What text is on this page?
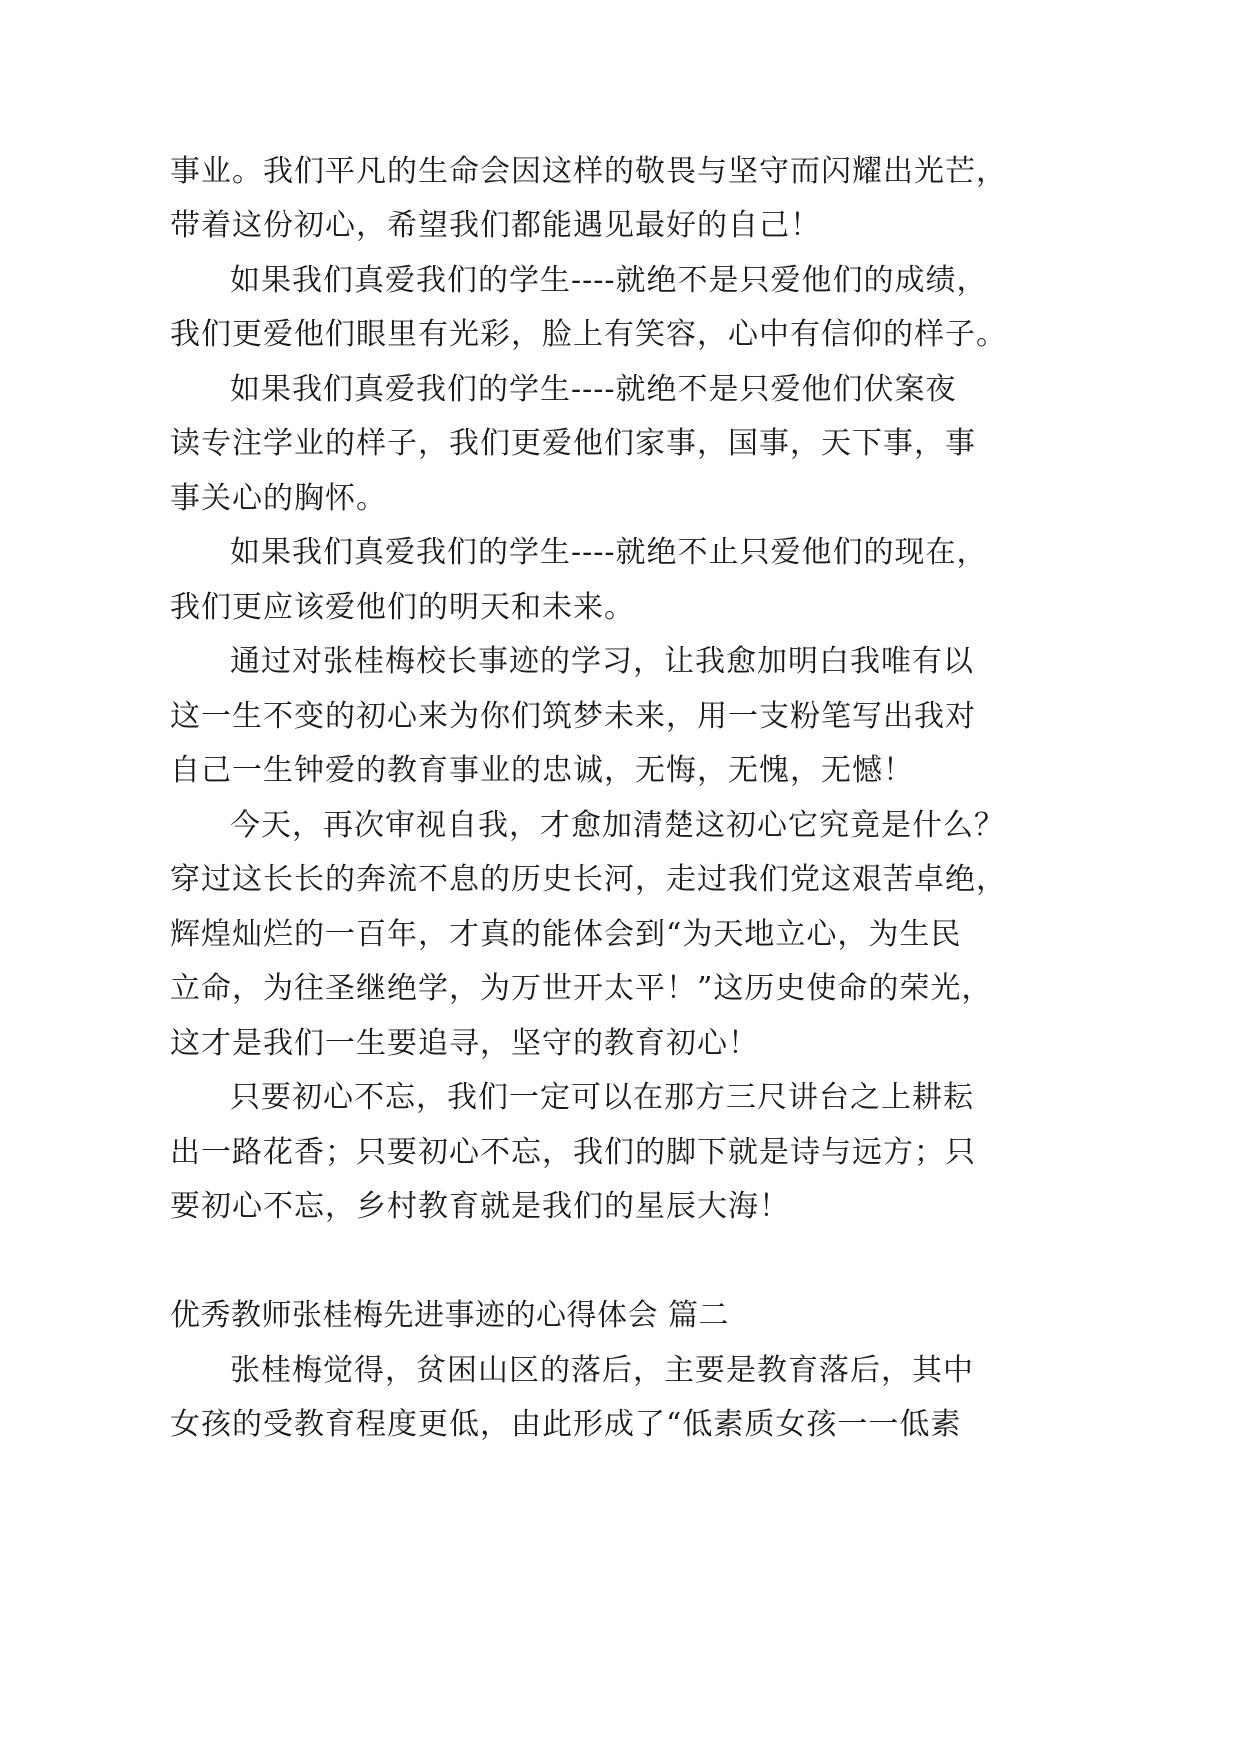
事业。我们平凡的生命会因这样的敬畏与坚守而闪耀出光芒，
带着这份初心，希望我们都能遇见最好的自己！
如果我们真爱我们的学生----就绝不是只爱他们的成绩，
我们更爱他们眼里有光彩，脸上有笑容，心中有信仰的样子。
如果我们真爱我们的学生----就绝不是只爱他们伏案夜
读专注学业的样子，我们更爱他们家事，国事，天下事，事
事关心的胸怀。
如果我们真爱我们的学生----就绝不止只爱他们的现在，
我们更应该爱他们的明天和未来。
通过对张桂梅校长事迹的学习，让我愈加明白我唯有以
这一生不变的初心来为你们筑梦未来，用一支粉笔写出我对
自己一生钟爱的教育事业的忠诚，无悔，无愧，无憾！
今天，再次审视自我，才愈加清楚这初心它究竟是什么？
穿过这长长的奔流不息的历史长河，走过我们党这艰苦卓绝，
辉煌灿烂的一百年，才真的能体会到“为天地立心，为生民
立命，为往圣继绝学，为万世开太平！”这历史使命的荣光，
这才是我们一生要追寻，坚守的教育初心！
只要初心不忘，我们一定可以在那方三尺讲台之上耕耘
出一路花香；只要初心不忘，我们的脚下就是诗与远方；只
要初心不忘，乡村教育就是我们的星辰大海！
优秀教师张桂梅先进事迹的心得体会 篇二
张桂梅觉得，贫困山区的落后，主要是教育落后，其中
女孩的受教育程度更低，由此形成了“低素质女孩一一低素
